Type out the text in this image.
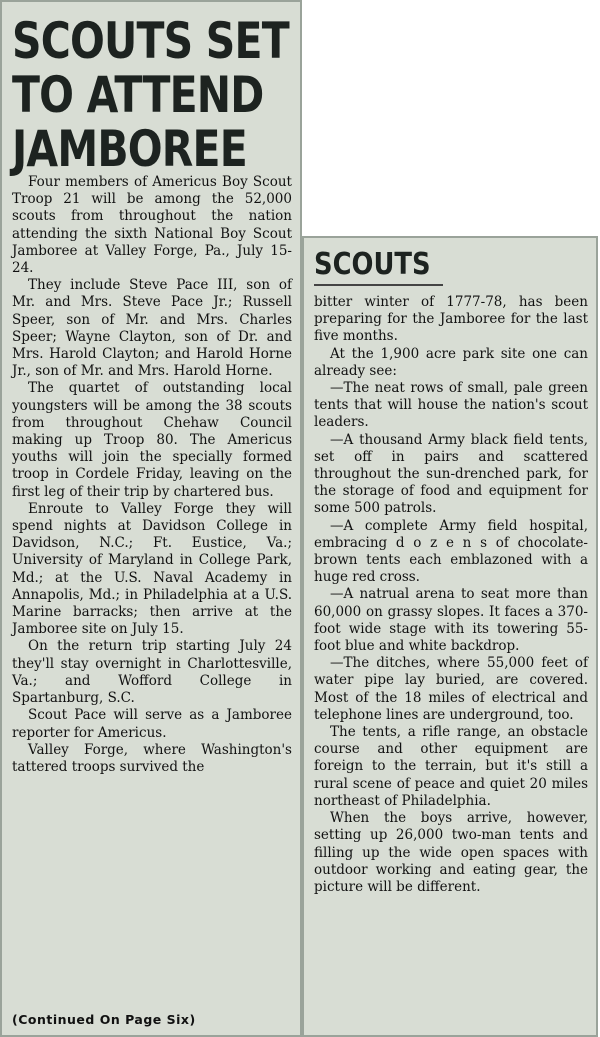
SCOUTS SET
TO ATTEND
JAMBOREE

Four members of Americus Boy Scout Troop 21 will be among the 52,000 scouts from throughout the nation attending the sixth National Boy Scout Jamboree at Valley Forge, Pa., July 15-24.

They include Steve Pace III, son of Mr. and Mrs. Steve Pace Jr.; Russell Speer, son of Mr. and Mrs. Charles Speer; Wayne Clayton, son of Dr. and Mrs. Harold Clayton; and Harold Horne Jr., son of Mr. and Mrs. Harold Horne.

The quartet of outstanding local youngsters will be among the 38 scouts from throughout Chehaw Council making up Troop 80. The Americus youths will join the specially formed troop in Cordele Friday, leaving on the first leg of their trip by chartered bus.

Enroute to Valley Forge they will spend nights at Davidson College in Davidson, N.C.; Ft. Eustice, Va.; University of Maryland in College Park, Md.; at the U.S. Naval Academy in Annapolis, Md.; in Philadelphia at a U.S. Marine barracks; then arrive at the Jamboree site on July 15.

On the return trip starting July 24 they'll stay overnight in Charlottesville, Va.; and Wofford College in Spartanburg, S.C.

Scout Pace will serve as a Jamboree reporter for Americus.

Valley Forge, where Washington's tattered troops survived the

(Continued On Page Six)
SCOUTS

bitter winter of 1777-78, has been preparing for the Jamboree for the last five months.

At the 1,900 acre park site one can already see:

—The neat rows of small, pale green tents that will house the nation's scout leaders.

—A thousand Army black field tents, set off in pairs and scattered throughout the sun-drenched park, for the storage of food and equipment for some 500 patrols.

—A complete Army field hospital, embracing d o z e n s of chocolate-brown tents each emblazoned with a huge red cross.

—A natrual arena to seat more than 60,000 on grassy slopes. It faces a 370-foot wide stage with its towering 55-foot blue and white backdrop.

—The ditches, where 55,000 feet of water pipe lay buried, are covered. Most of the 18 miles of electrical and telephone lines are underground, too.

The tents, a rifle range, an obstacle course and other equipment are foreign to the terrain, but it's still a rural scene of peace and quiet 20 miles northeast of Philadelphia.

When the boys arrive, however, setting up 26,000 two-man tents and filling up the wide open spaces with outdoor working and eating gear, the picture will be different.
